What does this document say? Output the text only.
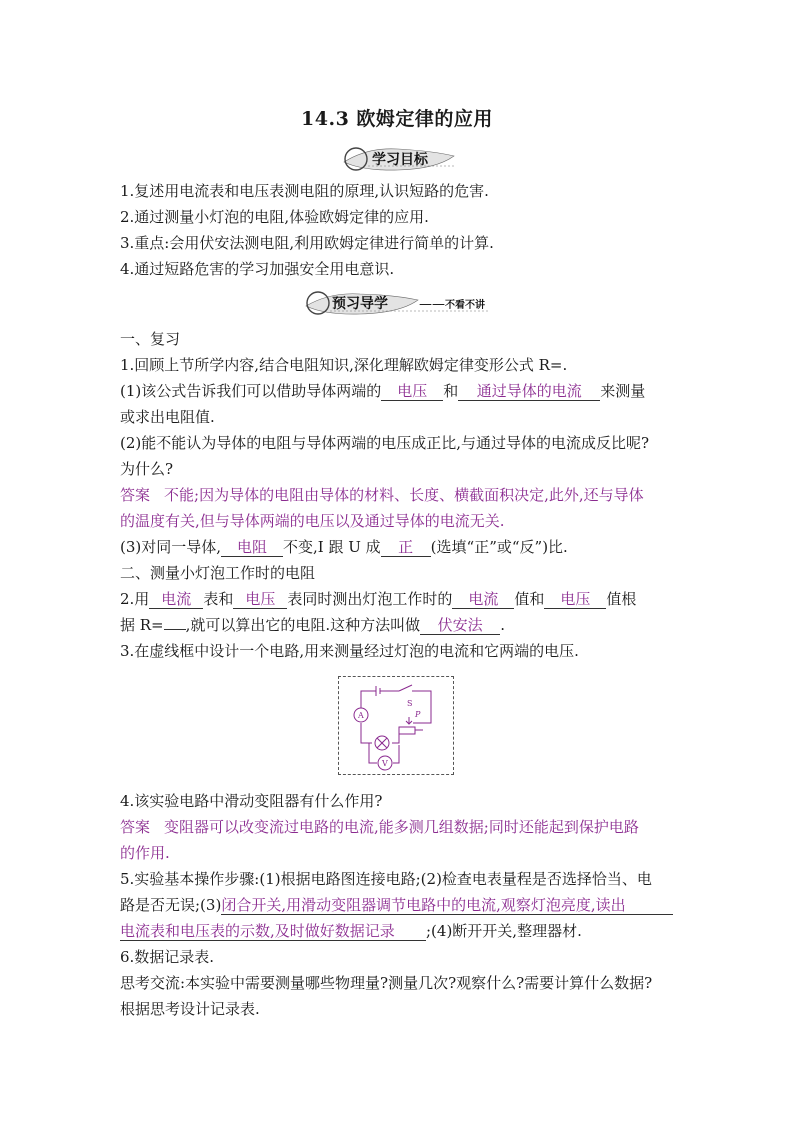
14.3 欧姆定律的应用
学习目标
1.复述用电流表和电压表测电阻的原理,认识短路的危害.
2.通过测量小灯泡的电阻,体验欧姆定律的应用.
3.重点:会用伏安法测电阻,利用欧姆定律进行简单的计算.
4.通过短路危害的学习加强安全用电意识.
预习导学 —— 不看不讲
一、复习
1.回顾上节所学内容,结合电阻知识,深化理解欧姆定律变形公式 R=.
(1)该公式告诉我们可以借助导体两端的 电压 和 通过导体的电流 来测量
或求出电阻值.
(2)能不能认为导体的电阻与导体两端的电压成正比,与通过导体的电流成反比呢?
为什么?
答案 不能;因为导体的电阻由导体的材料、长度、横截面积决定,此外,还与导体
的温度有关,但与导体两端的电压以及通过导体的电流无关.
(3)对同一导体, 电阻 不变,I 跟 U 成 正 (选填“正”或“反”)比.
二、测量小灯泡工作时的电阻
2.用 电流 表和 电压 表同时测出灯泡工作时的 电流 值和 电压 值根
据 R= ,就可以算出它的电阻.这种方法叫做 伏安法 .
3.在虚线框中设计一个电路,用来测量经过灯泡的电流和它两端的电压.
A
V
S
P
4.该实验电路中滑动变阻器有什么作用?
答案 变阻器可以改变流过电路的电流,能多测几组数据;同时还能起到保护电路
的作用.
5.实验基本操作步骤:(1)根据电路图连接电路;(2)检查电表量程是否选择恰当、电
路是否无误;(3)闭合开关,用滑动变阻器调节电路中的电流,观察灯泡亮度,读出
电流表和电压表的示数,及时做好数据记录 ;(4)断开开关,整理器材.
6.数据记录表.
思考交流:本实验中需要测量哪些物理量?测量几次?观察什么?需要计算什么数据?
根据思考设计记录表.
